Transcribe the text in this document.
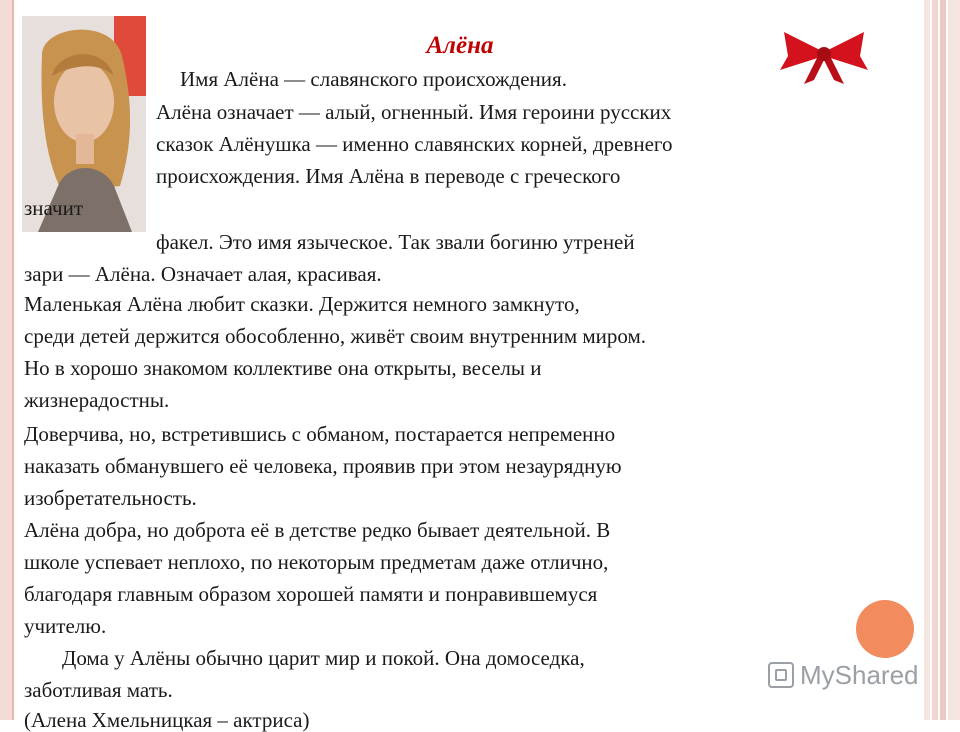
Алёна
Имя Алёна — славянского происхождения.
Алёна означает — алый, огненный. Имя героини русских
сказок Алёнушка — именно славянских корней, древнего
происхождения. Имя Алёна в переводе с греческого
значит
факел. Это имя языческое. Так звали богиню утреней
зари — Алёна. Означает алая, красивая.
Маленькая Алёна любит сказки. Держится немного замкнуто,
среди детей держится обособленно, живёт своим внутренним миром.
Но в хорошо знакомом коллективе она открыты, веселы и
жизнерадостны.
Доверчива, но, встретившись с обманом, постарается непременно
наказать обманувшего её человека, проявив при этом незаурядную
изобретательность.
Алёна добра, но доброта её в детстве редко бывает деятельной. В
школе успевает неплохо, по некоторым предметам даже отлично,
благодаря главным образом хорошей памяти и понравившемуся
учителю.
Дома у Алёны обычно царит мир и покой. Она домоседка,
заботливая мать.
(Алена Хмельницкая – актриса)
MyShared
